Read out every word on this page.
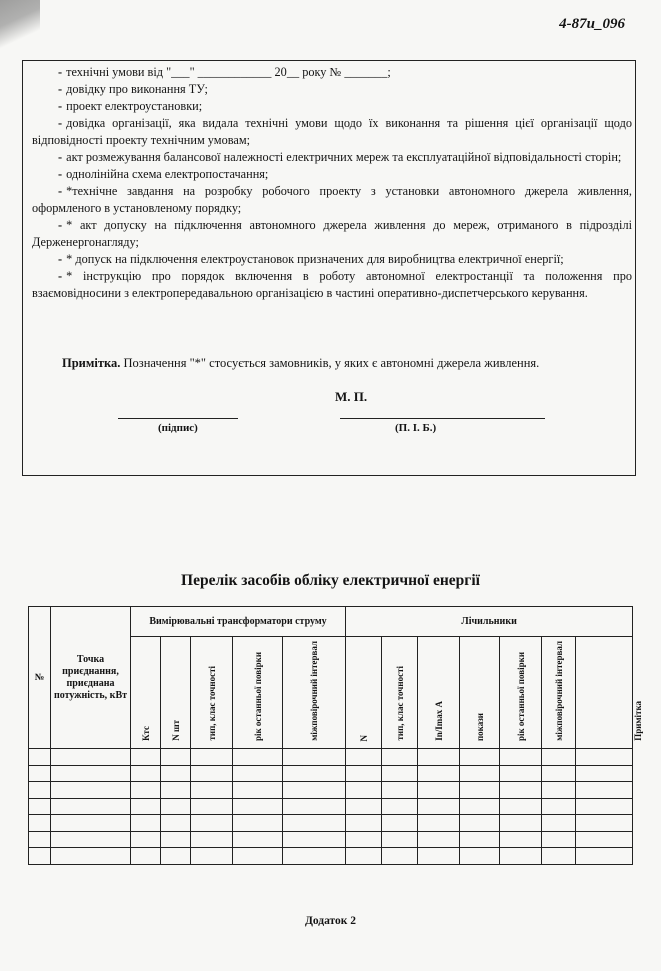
4-87и_096
- технічні умови від "___" ____________ 20__ року № _______;
- довідку про виконання ТУ;
- проект електроустановки;
- довідка організації, яка видала технічні умови щодо їх виконання та рішення цієї організації щодо відповідності проекту технічним умовам;
- акт розмежування балансової належності електричних мереж та експлуатаційної відповідальності сторін;
- однолінійна схема електропостачання;
- *технічне завдання на розробку робочого проекту з установки автономного джерела живлення, оформленого в установленому порядку;
- * акт допуску на підключення автономного джерела живлення до мереж, отриманого в підрозділі Держенергонагляду;
- * допуск на підключення електроустановок призначених для виробництва електричної енергії;
- * інструкцію про порядок включення в роботу автономної електростанції та положення про взаємовідносини з електропередавальною організацією в частині оперативно-диспетчерського керування.
Примітка. Позначення "*" стосується замовників, у яких є автономні джерела живлення.
М. П.
(підпис)	(П. І. Б.)
Перелік засобів обліку електричної енергії
№	Точка приєднання, приєднана потужність, кВт	Вимірювальні трансформатори струму					Лічильники							Примітка
		Ктс	N шт	тип, клас точності	рік останньої повірки	міжповірочний інтервал	N	тип, клас точності	Іn/Іmax А	покази	рік останньої повірки	міжповірочний інтервал		

Додаток 2
